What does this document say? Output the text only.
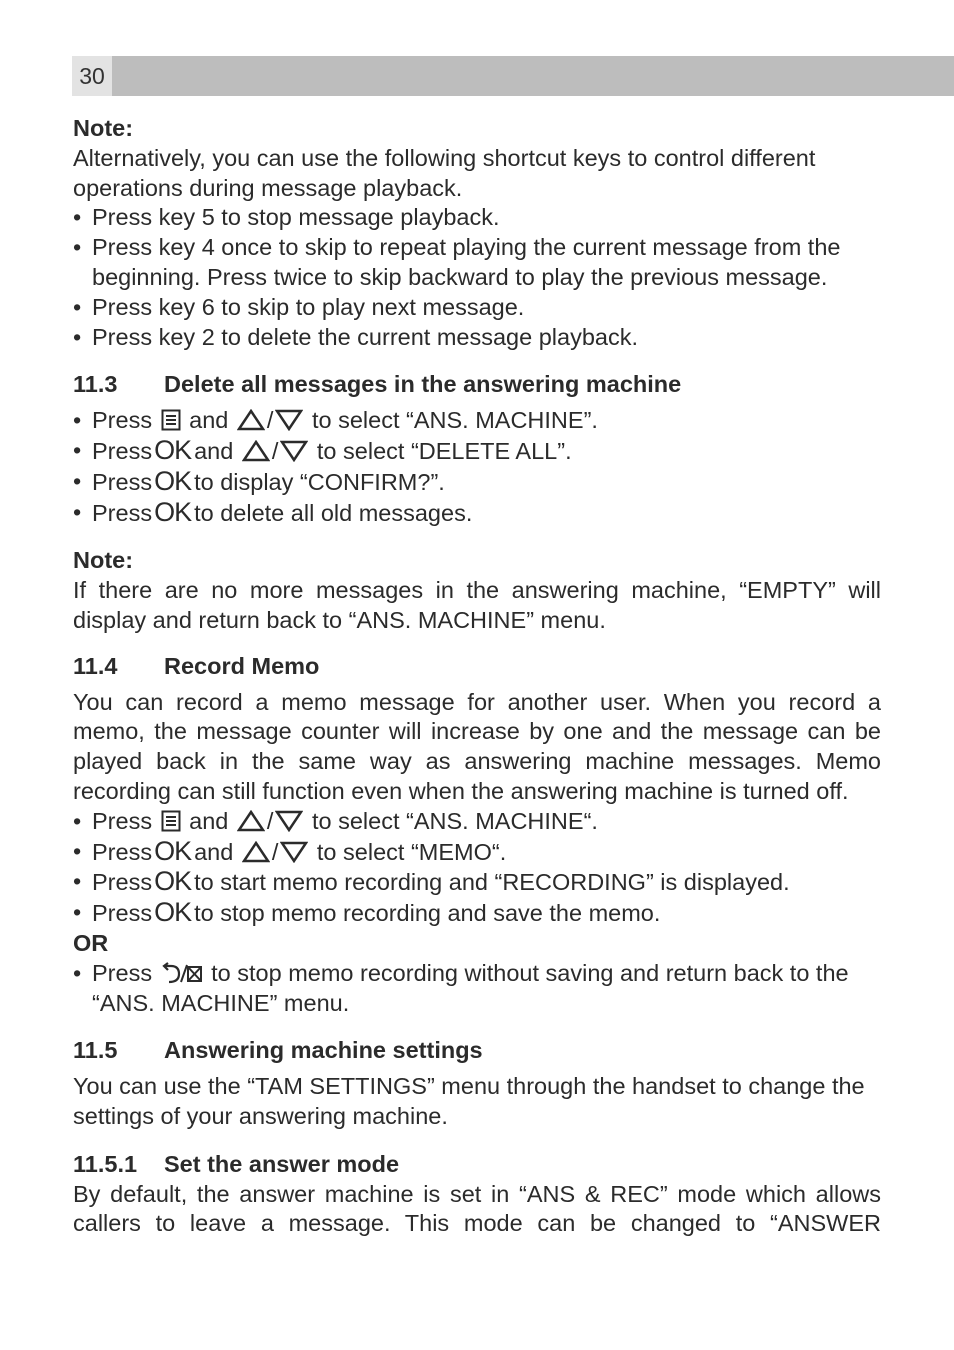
30
Note:
Alternatively, you can use the following shortcut keys to control different operations during message playback.
• Press key 5 to stop message playback.
• Press key 4 once to skip to repeat playing the current message from the beginning. Press twice to skip backward to play the previous message.
• Press key 6 to skip to play next message.
• Press key 2 to delete the current message playback.
11.3 Delete all messages in the answering machine
• Press and / to select “ANS. MACHINE”.
• PressOK and / to select “DELETE ALL”.
• PressOK to display “CONFIRM?”.
• PressOK to delete all old messages.
Note:
If there are no more messages in the answering machine, “EMPTY” will display and return back to “ANS. MACHINE” menu.
11.4 Record Memo
You can record a memo message for another user. When you record a memo, the message counter will increase by one and the message can be played back in the same way as answering machine messages. Memo recording can still function even when the answering machine is turned off.
• Press and / to select “ANS. MACHINE“.
• PressOK and / to select “MEMO“.
• PressOK to start memo recording and “RECORDING” is displayed.
• PressOK to stop memo recording and save the memo.
OR
• Press	to stop memo recording without saving and return back to the “ANS. MACHINE” menu.
11.5 Answering machine settings
You can use the “TAM SETTINGS” menu through the handset to change the settings of your answering machine.
11.5.1 Set the answer mode
By default, the answer machine is set in “ANS & REC” mode which allows
callers to leave a message. This mode can be changed to “ANSWER
